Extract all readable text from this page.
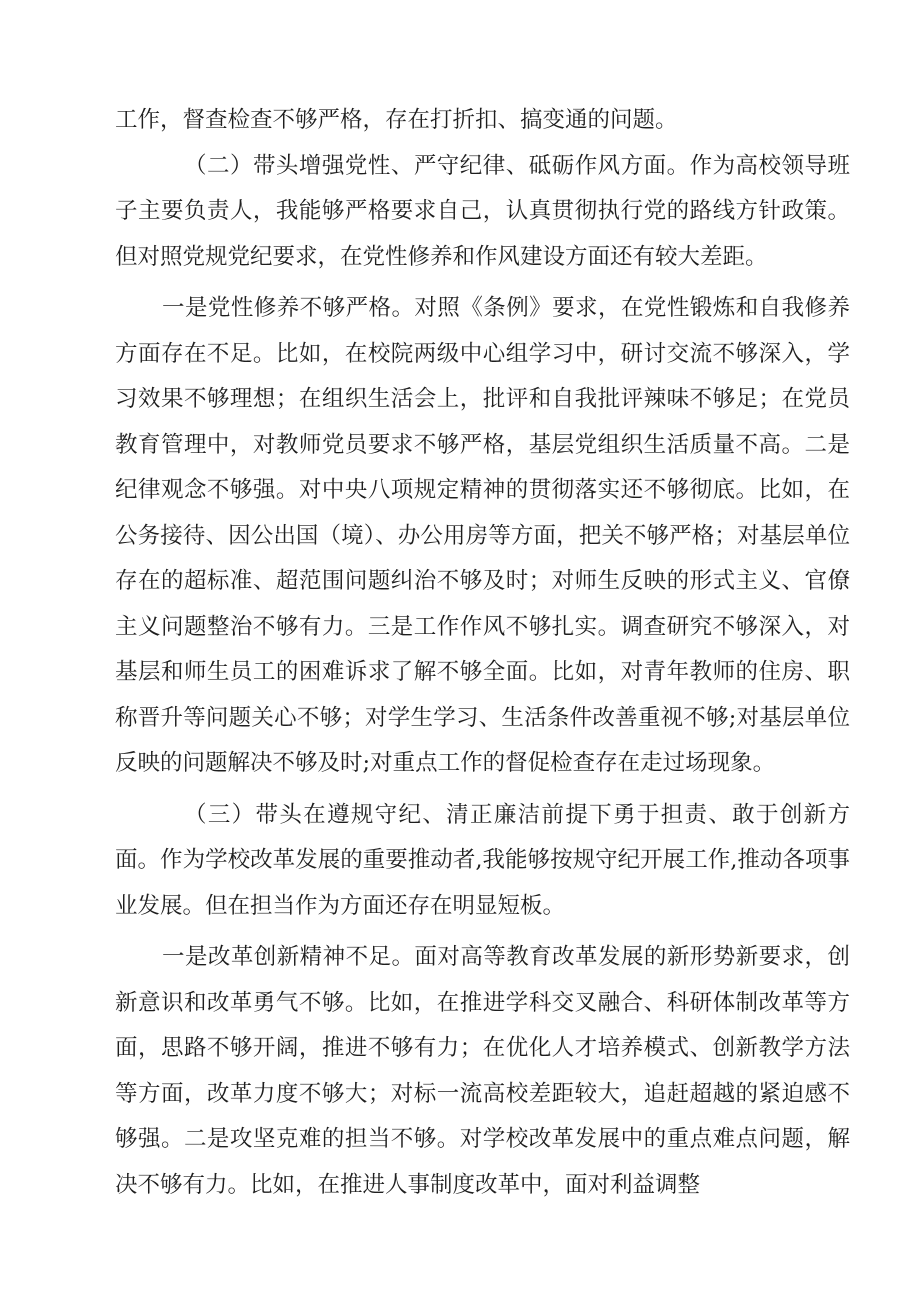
工作，督查检查不够严格，存在打折扣、搞变通的问题。

（二）带头增强党性、严守纪律、砥砺作风方面。作为高校领导班子主要负责人，我能够严格要求自己，认真贯彻执行党的路线方针政策。但对照党规党纪要求，在党性修养和作风建设方面还有较大差距。

一是党性修养不够严格。对照《条例》要求，在党性锻炼和自我修养方面存在不足。比如，在校院两级中心组学习中，研讨交流不够深入，学习效果不够理想；在组织生活会上，批评和自我批评辣味不够足；在党员教育管理中，对教师党员要求不够严格，基层党组织生活质量不高。二是纪律观念不够强。对中央八项规定精神的贯彻落实还不够彻底。比如，在公务接待、因公出国（境）、办公用房等方面，把关不够严格；对基层单位存在的超标准、超范围问题纠治不够及时；对师生反映的形式主义、官僚主义问题整治不够有力。三是工作作风不够扎实。调查研究不够深入，对基层和师生员工的困难诉求了解不够全面。比如，对青年教师的住房、职称晋升等问题关心不够；对学生学习、生活条件改善重视不够;对基层单位反映的问题解决不够及时;对重点工作的督促检查存在走过场现象。

（三）带头在遵规守纪、清正廉洁前提下勇于担责、敢于创新方面。作为学校改革发展的重要推动者,我能够按规守纪开展工作,推动各项事业发展。但在担当作为方面还存在明显短板。

一是改革创新精神不足。面对高等教育改革发展的新形势新要求，创新意识和改革勇气不够。比如，在推进学科交叉融合、科研体制改革等方面，思路不够开阔，推进不够有力；在优化人才培养模式、创新教学方法等方面，改革力度不够大；对标一流高校差距较大，追赶超越的紧迫感不够强。二是攻坚克难的担当不够。对学校改革发展中的重点难点问题，解决不够有力。比如，在推进人事制度改革中，面对利益调整
